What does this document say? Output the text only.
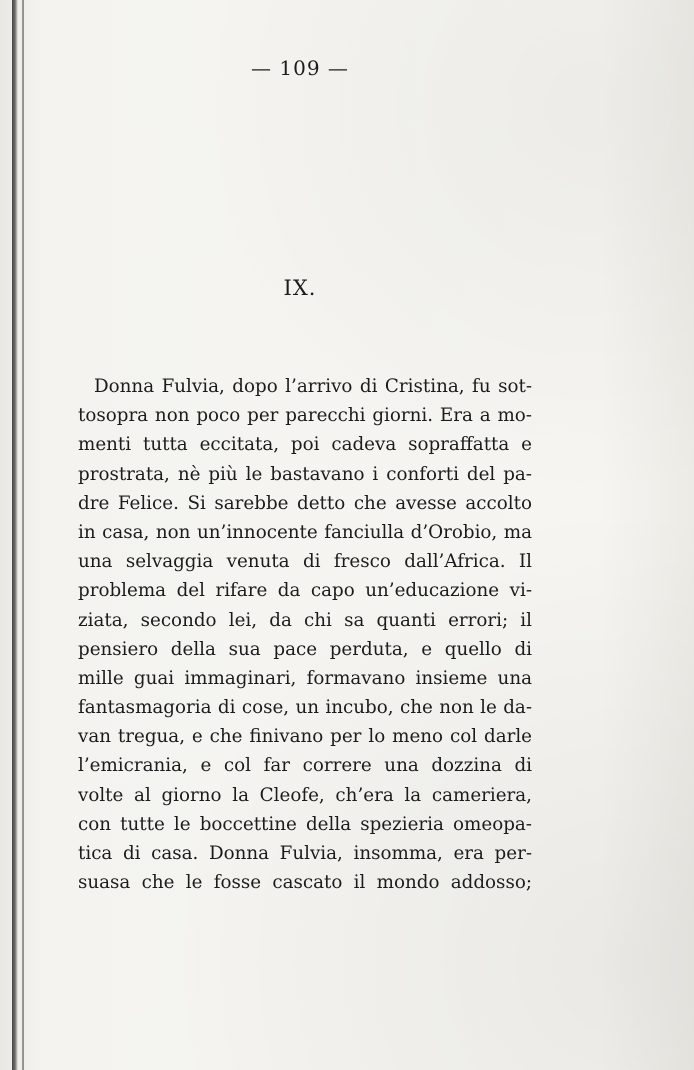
— 109 —
IX.
Donna Fulvia, dopo l’arrivo di Cristina, fu sot-
tosopra non poco per parecchi giorni. Era a mo-
menti tutta eccitata, poi cadeva sopraffatta e
prostrata, nè più le bastavano i conforti del pa-
dre Felice. Si sarebbe detto che avesse accolto
in casa, non un’innocente fanciulla d’Orobio, ma
una selvaggia venuta di fresco dall’Africa. Il
problema del rifare da capo un’educazione vi-
ziata, secondo lei, da chi sa quanti errori; il
pensiero della sua pace perduta, e quello di
mille guai immaginari, formavano insieme una
fantasmagoria di cose, un incubo, che non le da-
van tregua, e che finivano per lo meno col darle
l’emicrania, e col far correre una dozzina di
volte al giorno la Cleofe, ch’era la cameriera,
con tutte le boccettine della spezieria omeopa-
tica di casa. Donna Fulvia, insomma, era per-
suasa che le fosse cascato il mondo addosso;
